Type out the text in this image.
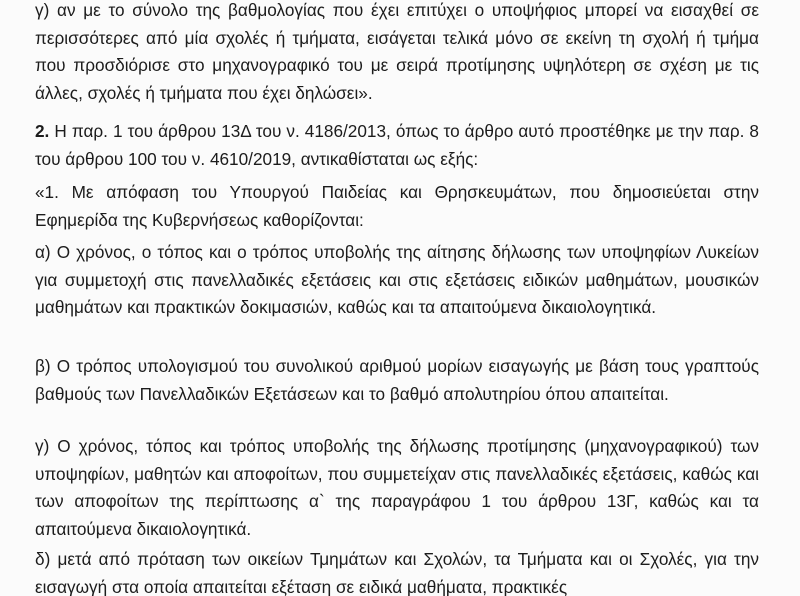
γ) αν με το σύνολο της βαθμολογίας που έχει επιτύχει ο υποψήφιος μπορεί να εισαχθεί σε περισσότερες από μία σχολές ή τμήματα, εισάγεται τελικά μόνο σε εκείνη τη σχολή ή τμήμα που προσδιόρισε στο μηχανογραφικό του με σειρά προτίμησης υψηλότερη σε σχέση με τις άλλες, σχολές ή τμήματα που έχει δηλώσει».

2. Η παρ. 1 του άρθρου 13Δ του ν. 4186/2013, όπως το άρθρο αυτό προστέθηκε με την παρ. 8 του άρθρου 100 του ν. 4610/2019, αντικαθίσταται ως εξής:

«1. Με απόφαση του Υπουργού Παιδείας και Θρησκευμάτων, που δημοσιεύεται στην Εφημερίδα της Κυβερνήσεως καθορίζονται:

α) Ο χρόνος, ο τόπος και ο τρόπος υποβολής της αίτησης δήλωσης των υποψηφίων Λυκείων για συμμετοχή στις πανελλαδικές εξετάσεις και στις εξετάσεις ειδικών μαθημάτων, μουσικών μαθημάτων και πρακτικών δοκιμασιών, καθώς και τα απαιτούμενα δικαιολογητικά.

β) Ο τρόπος υπολογισμού του συνολικού αριθμού μορίων εισαγωγής με βάση τους γραπτούς βαθμούς των Πανελλαδικών Εξετάσεων και το βαθμό απολυτηρίου όπου απαιτείται.

γ) Ο χρόνος, τόπος και τρόπος υποβολής της δήλωσης προτίμησης (μηχανογραφικού) των υποψηφίων, μαθητών και αποφοίτων, που συμμετείχαν στις πανελλαδικές εξετάσεις, καθώς και των αποφοίτων της περίπτωσης α` της παραγράφου 1 του άρθρου 13Γ, καθώς και τα απαιτούμενα δικαιολογητικά.

δ) μετά από πρόταση των οικείων Τμημάτων και Σχολών, τα Τμήματα και οι Σχολές, για την εισαγωγή στα οποία απαιτείται εξέταση σε ειδικά μαθήματα, πρακτικές
